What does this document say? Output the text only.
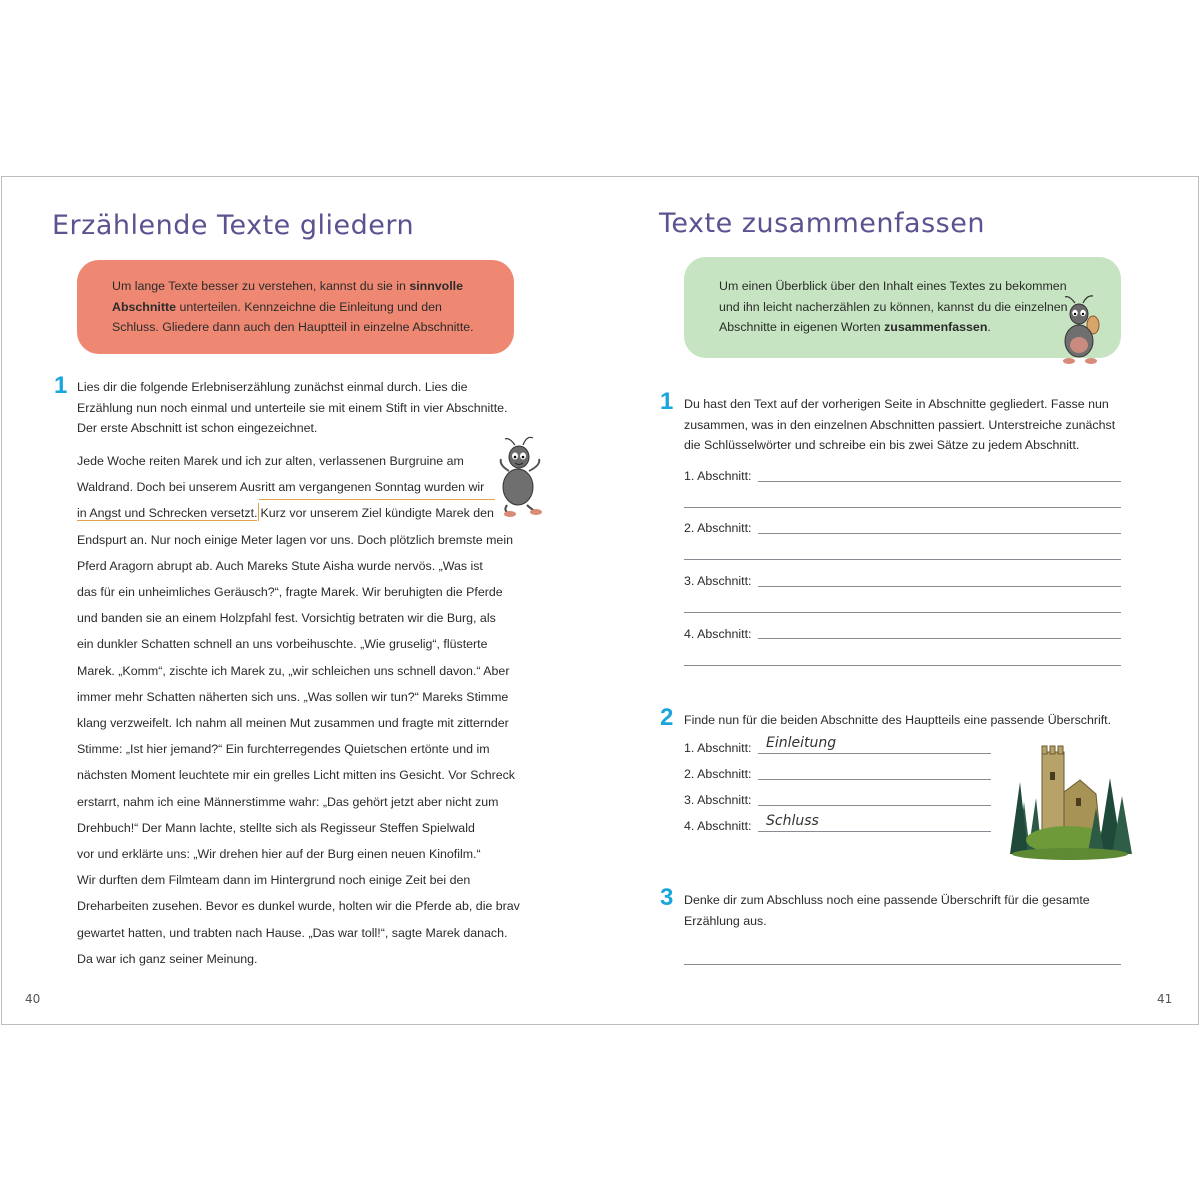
Erzählende Texte gliedern
Um lange Texte besser zu verstehen, kannst du sie in sinnvolle
Abschnitte unterteilen. Kennzeichne die Einleitung und den
Schluss. Gliedere dann auch den Hauptteil in einzelne Abschnitte.
1 Lies dir die folgende Erlebniserzählung zunächst einmal durch. Lies die
Erzählung nun noch einmal und unterteile sie mit einem Stift in vier Abschnitte.
Der erste Abschnitt ist schon eingezeichnet.
Jede Woche reiten Marek und ich zur alten, verlassenen Burgruine am
Waldrand. Doch bei unserem Ausritt am vergangenen Sonntag wurden wir
in Angst und Schrecken versetzt. Kurz vor unserem Ziel kündigte Marek den
Endspurt an. Nur noch einige Meter lagen vor uns. Doch plötzlich bremste mein
Pferd Aragorn abrupt ab. Auch Mareks Stute Aisha wurde nervös. „Was ist
das für ein unheimliches Geräusch?“, fragte Marek. Wir beruhigten die Pferde
und banden sie an einem Holzpfahl fest. Vorsichtig betraten wir die Burg, als
ein dunkler Schatten schnell an uns vorbeihuschte. „Wie gruselig“, flüsterte
Marek. „Komm“, zischte ich Marek zu, „wir schleichen uns schnell davon.“ Aber
immer mehr Schatten näherten sich uns. „Was sollen wir tun?“ Mareks Stimme
klang verzweifelt. Ich nahm all meinen Mut zusammen und fragte mit zitternder
Stimme: „Ist hier jemand?“ Ein furchterregendes Quietschen ertönte und im
nächsten Moment leuchtete mir ein grelles Licht mitten ins Gesicht. Vor Schreck
erstarrt, nahm ich eine Männerstimme wahr: „Das gehört jetzt aber nicht zum
Drehbuch!“ Der Mann lachte, stellte sich als Regisseur Steffen Spielwald
vor und erklärte uns: „Wir drehen hier auf der Burg einen neuen Kinofilm.“
Wir durften dem Filmteam dann im Hintergrund noch einige Zeit bei den
Dreharbeiten zusehen. Bevor es dunkel wurde, holten wir die Pferde ab, die brav
gewartet hatten, und trabten nach Hause. „Das war toll!“, sagte Marek danach.
Da war ich ganz seiner Meinung.
40
Texte zusammenfassen
Um einen Überblick über den Inhalt eines Textes zu bekommen
und ihn leicht nacherzählen zu können, kannst du die einzelnen
Abschnitte in eigenen Worten zusammenfassen.
1 Du hast den Text auf der vorherigen Seite in Abschnitte gegliedert. Fasse nun
zusammen, was in den einzelnen Abschnitten passiert. Unterstreiche zunächst
die Schlüsselwörter und schreibe ein bis zwei Sätze zu jedem Abschnitt.
1. Abschnitt:
2. Abschnitt:
3. Abschnitt:
4. Abschnitt:
2 Finde nun für die beiden Abschnitte des Hauptteils eine passende Überschrift.
1. Abschnitt: Einleitung
2. Abschnitt:
3. Abschnitt:
4. Abschnitt: Schluss
3 Denke dir zum Abschluss noch eine passende Überschrift für die gesamte
Erzählung aus.
41
